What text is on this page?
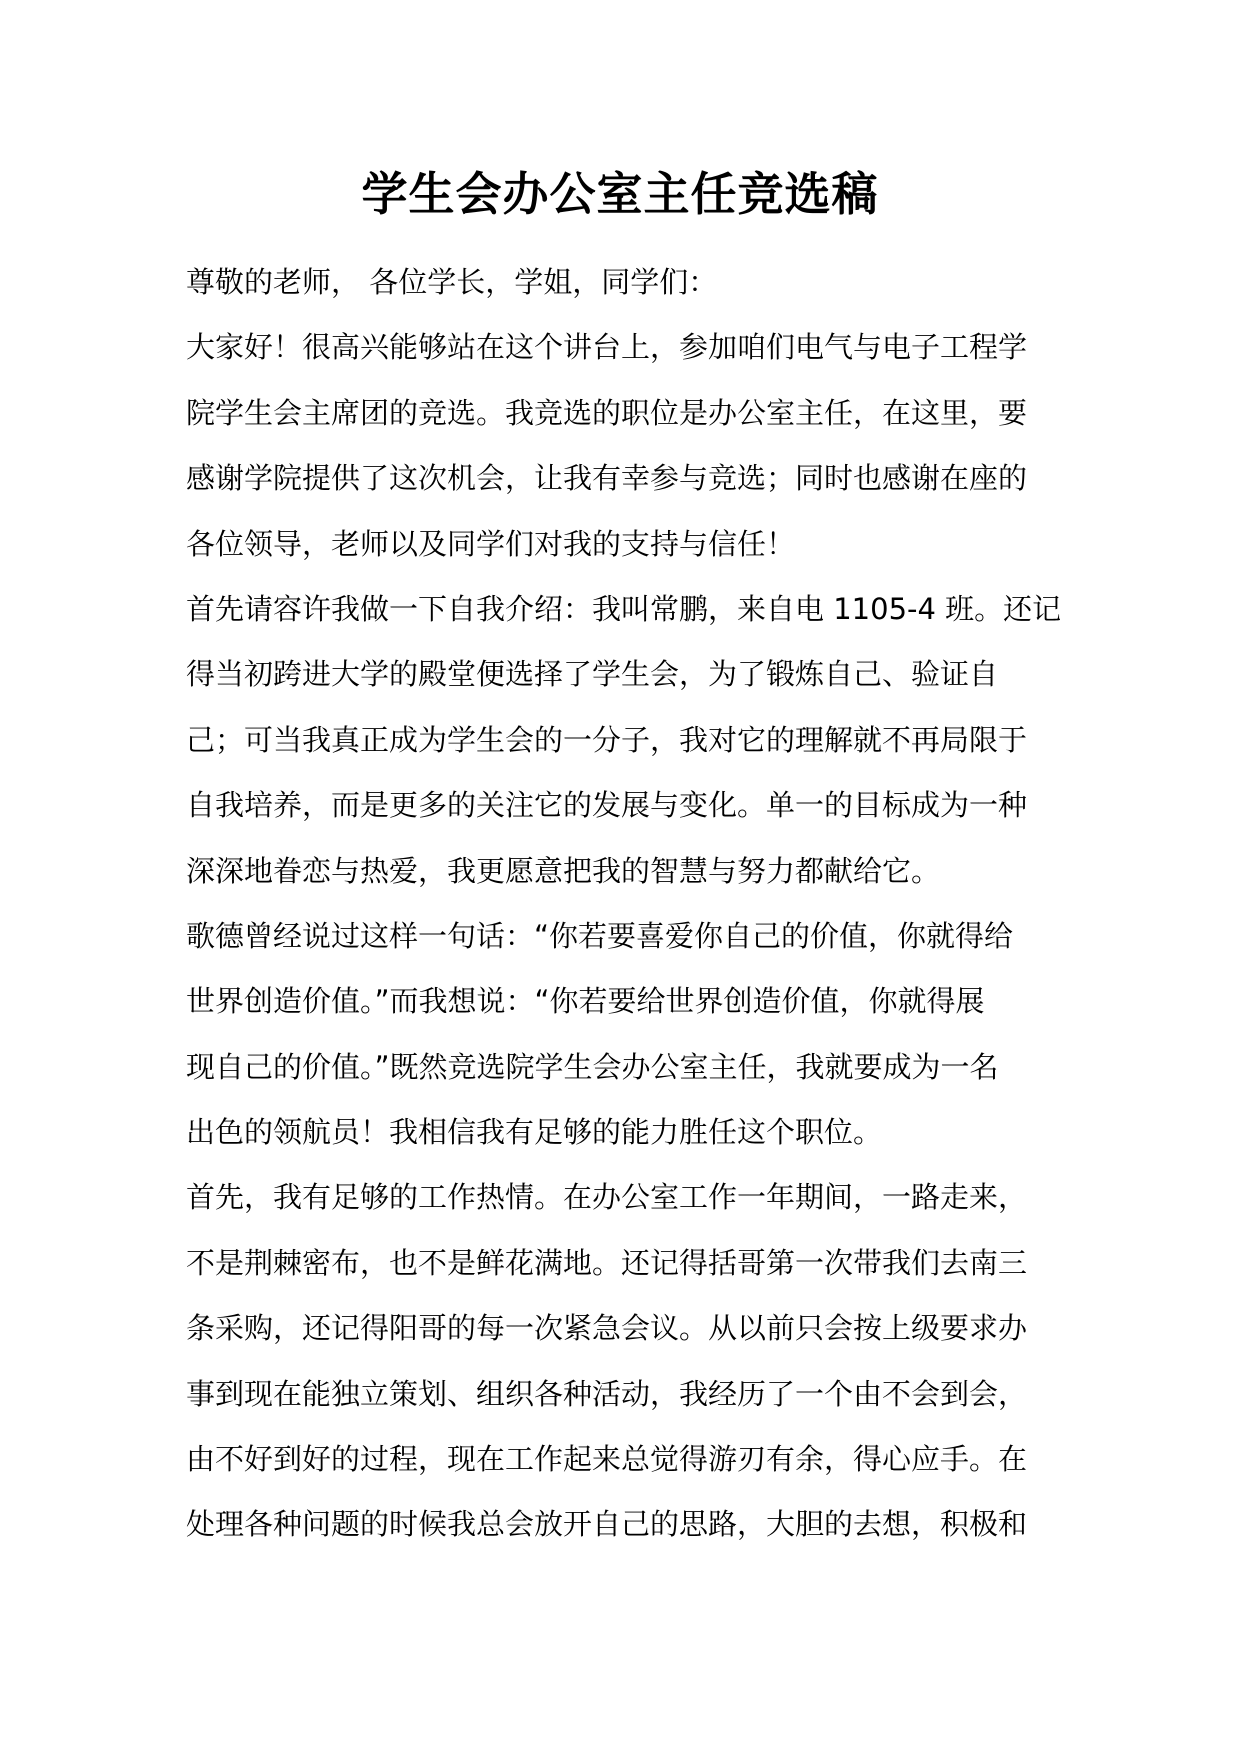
学生会办公室主任竞选稿

尊敬的老师， 各位学长，学姐，同学们：

大家好！很高兴能够站在这个讲台上，参加咱们电气与电子工程学

院学生会主席团的竞选。我竞选的职位是办公室主任，在这里，要

感谢学院提供了这次机会，让我有幸参与竞选；同时也感谢在座的

各位领导，老师以及同学们对我的支持与信任！

首先请容许我做一下自我介绍：我叫常鹏，来自电 1105-4 班。还记

得当初跨进大学的殿堂便选择了学生会，为了锻炼自己、验证自

己；可当我真正成为学生会的一分子，我对它的理解就不再局限于

自我培养，而是更多的关注它的发展与变化。单一的目标成为一种

深深地眷恋与热爱，我更愿意把我的智慧与努力都献给它。

歌德曾经说过这样一句话：“你若要喜爱你自己的价值，你就得给

世界创造价值。”而我想说：“你若要给世界创造价值，你就得展

现自己的价值。”既然竞选院学生会办公室主任，我就要成为一名

出色的领航员！我相信我有足够的能力胜任这个职位。

首先，我有足够的工作热情。在办公室工作一年期间，一路走来，

不是荆棘密布，也不是鲜花满地。还记得括哥第一次带我们去南三

条采购，还记得阳哥的每一次紧急会议。从以前只会按上级要求办

事到现在能独立策划、组织各种活动，我经历了一个由不会到会，

由不好到好的过程，现在工作起来总觉得游刃有余，得心应手。在

处理各种问题的时候我总会放开自己的思路，大胆的去想，积极和
